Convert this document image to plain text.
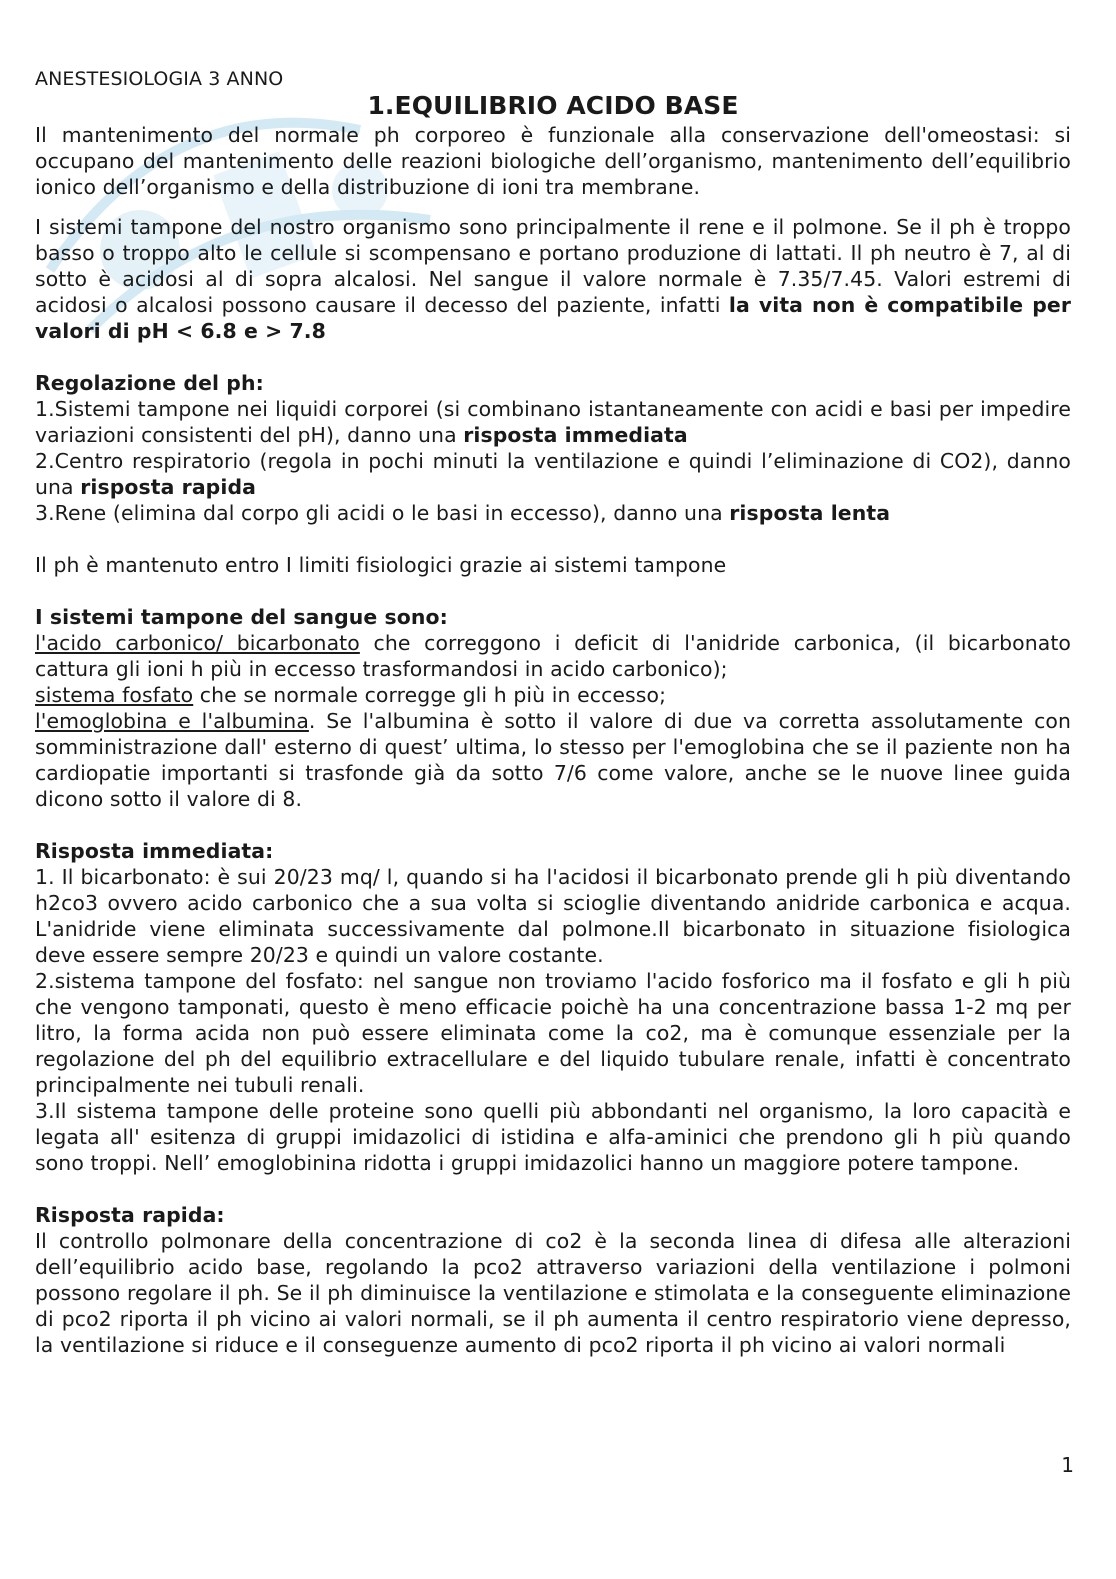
ANESTESIOLOGIA 3 ANNO

1.EQUILIBRIO ACIDO BASE

Il mantenimento del normale ph corporeo è funzionale alla conservazione dell'omeostasi: si occupano del mantenimento delle reazioni biologiche dell’organismo, mantenimento dell’equilibrio ionico dell’organismo e della distribuzione di ioni tra membrane.

I sistemi tampone del nostro organismo sono principalmente il rene e il polmone. Se il ph è troppo basso o troppo alto le cellule si scompensano e portano produzione di lattati. Il ph neutro è 7, al di sotto è acidosi al di sopra alcalosi. Nel sangue il valore normale è 7.35/7.45. Valori estremi di acidosi o alcalosi possono causare il decesso del paziente, infatti la vita non è compatibile per valori di pH < 6.8 e > 7.8

Regolazione del ph:

1.Sistemi tampone nei liquidi corporei (si combinano istantaneamente con acidi e basi per impedire variazioni consistenti del pH), danno una risposta immediata

2.Centro respiratorio (regola in pochi minuti la ventilazione e quindi l’eliminazione di CO2), danno una risposta rapida

3.Rene (elimina dal corpo gli acidi o le basi in eccesso), danno una risposta lenta

Il ph è mantenuto entro I limiti fisiologici grazie ai sistemi tampone

I sistemi tampone del sangue sono:

l'acido carbonico/ bicarbonato che correggono i deficit di l'anidride carbonica, (il bicarbonato cattura gli ioni h più in eccesso trasformandosi in acido carbonico);

sistema fosfato che se normale corregge gli h più in eccesso;

l'emoglobina e l'albumina. Se l'albumina è sotto il valore di due va corretta assolutamente con somministrazione dall' esterno di quest’ ultima, lo stesso per l'emoglobina che se il paziente non ha cardiopatie importanti si trasfonde già da sotto 7/6 come valore, anche se le nuove linee guida dicono sotto il valore di 8.

Risposta immediata:

1. Il bicarbonato: è sui 20/23 mq/ l, quando si ha l'acidosi il bicarbonato prende gli h più diventando h2co3 ovvero acido carbonico che a sua volta si scioglie diventando anidride carbonica e acqua. L'anidride viene eliminata successivamente dal polmone.Il bicarbonato in situazione fisiologica deve essere sempre 20/23 e quindi un valore costante.

2.sistema tampone del fosfato: nel sangue non troviamo l'acido fosforico ma il fosfato e gli h più che vengono tamponati, questo è meno efficacie poichè ha una concentrazione bassa 1-2 mq per litro, la forma acida non può essere eliminata come la co2, ma è comunque essenziale per la regolazione del ph del equilibrio extracellulare e del liquido tubulare renale, infatti è concentrato principalmente nei tubuli renali.

3.Il sistema tampone delle proteine sono quelli più abbondanti nel organismo, la loro capacità e legata all' esitenza di gruppi imidazolici di istidina e alfa-aminici che prendono gli h più quando sono troppi. Nell’ emoglobinina ridotta i gruppi imidazolici hanno un maggiore potere tampone.

Risposta rapida:

Il controllo polmonare della concentrazione di co2 è la seconda linea di difesa alle alterazioni dell’equilibrio acido base, regolando la pco2 attraverso variazioni della ventilazione i polmoni possono regolare il ph. Se il ph diminuisce la ventilazione e stimolata e la conseguente eliminazione di pco2 riporta il ph vicino ai valori normali, se il ph aumenta il centro respiratorio viene depresso, la ventilazione si riduce e il conseguenze aumento di pco2 riporta il ph vicino ai valori normali

1
